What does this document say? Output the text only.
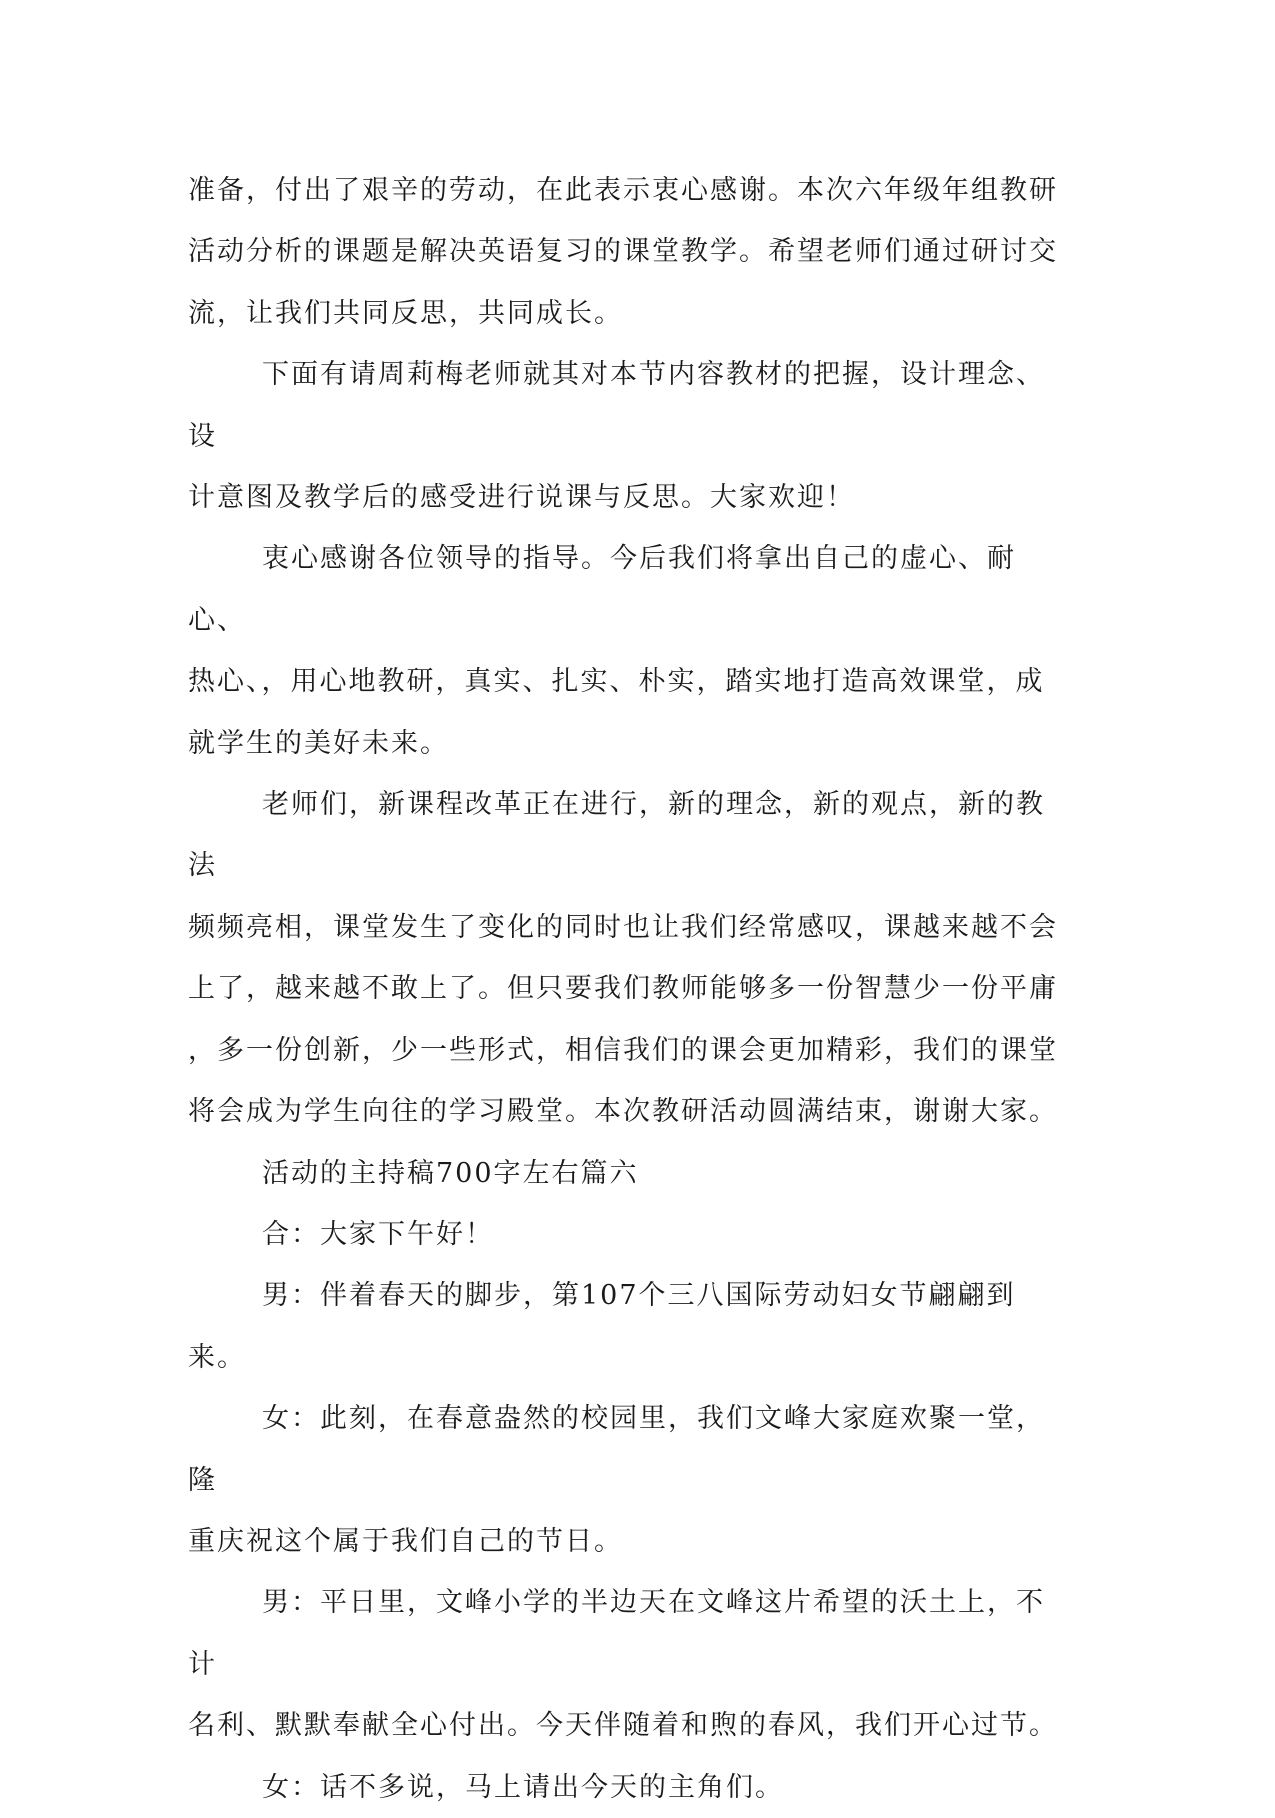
准备，付出了艰辛的劳动，在此表示衷心感谢。本次六年级年组教研
活动分析的课题是解决英语复习的课堂教学。希望老师们通过研讨交
流，让我们共同反思，共同成长。

下面有请周莉梅老师就其对本节内容教材的把握，设计理念、设
计意图及教学后的感受进行说课与反思。大家欢迎！

衷心感谢各位领导的指导。今后我们将拿出自己的虚心、耐心、
热心、，用心地教研，真实、扎实、朴实，踏实地打造高效课堂，成
就学生的美好未来。

老师们，新课程改革正在进行，新的理念，新的观点，新的教法
频频亮相，课堂发生了变化的同时也让我们经常感叹，课越来越不会
上了，越来越不敢上了。但只要我们教师能够多一份智慧少一份平庸
，多一份创新，少一些形式，相信我们的课会更加精彩，我们的课堂
将会成为学生向往的学习殿堂。本次教研活动圆满结束，谢谢大家。

活动的主持稿700字左右篇六

合：大家下午好！

男：伴着春天的脚步，第107个三八国际劳动妇女节翩翩到来。

女：此刻，在春意盎然的校园里，我们文峰大家庭欢聚一堂，隆
重庆祝这个属于我们自己的节日。

男：平日里，文峰小学的半边天在文峰这片希望的沃土上，不计
名利、默默奉献全心付出。今天伴随着和煦的春风，我们开心过节。

女：话不多说，马上请出今天的主角们。
